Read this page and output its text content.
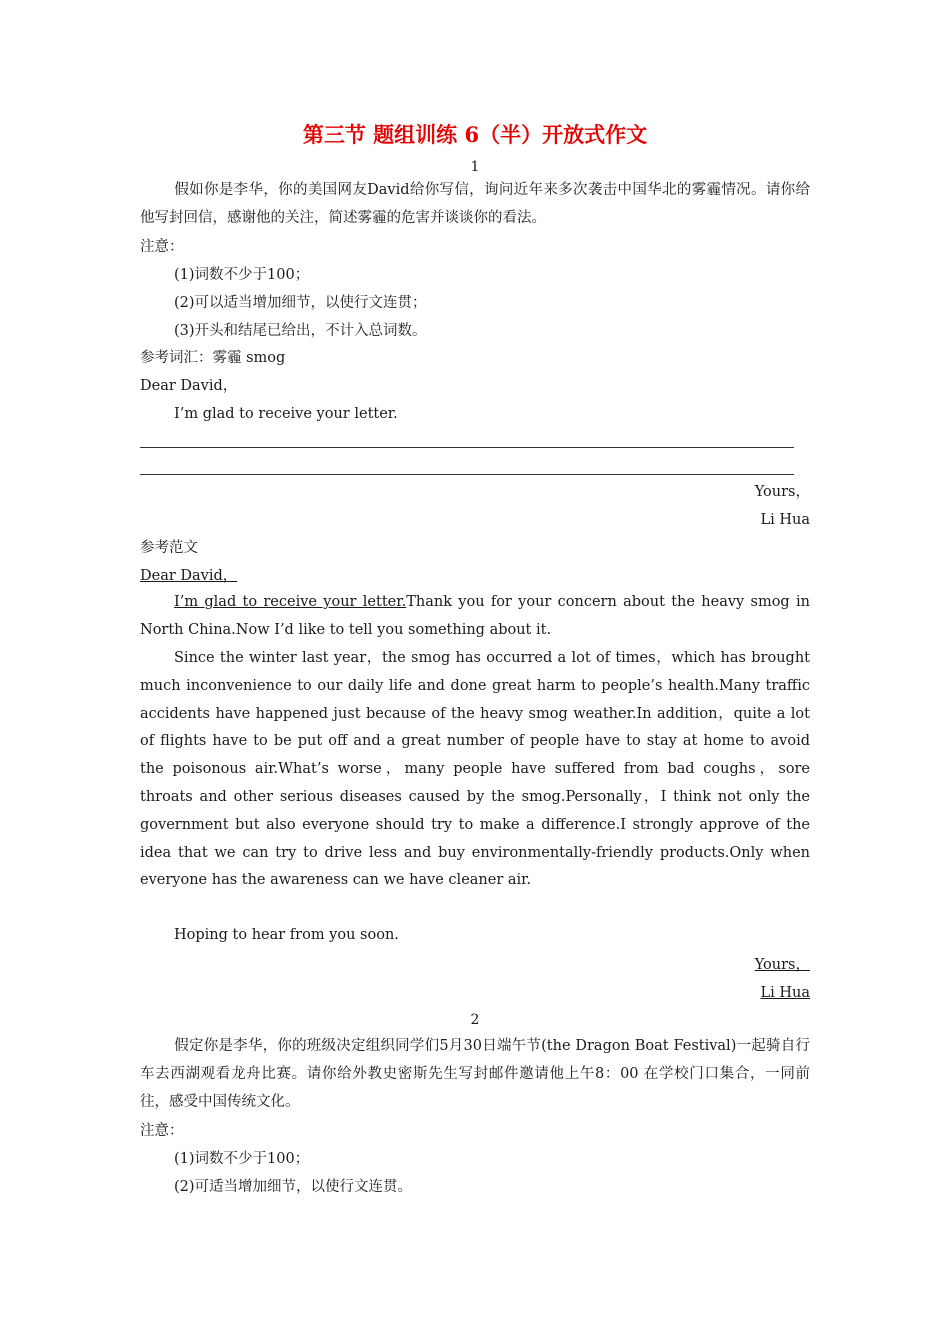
第三节 题组训练 6（半）开放式作文
1
假如你是李华，你的美国网友David给你写信，询问近年来多次袭击中国华北的雾霾情况。请你给他写封回信，感谢他的关注，简述雾霾的危害并谈谈你的看法。
注意：
(1)词数不少于100；
(2)可以适当增加细节，以使行文连贯；
(3)开头和结尾已给出，不计入总词数。
参考词汇：雾霾 smog
Dear David，
I’m glad to receive your letter.
Yours，
Li Hua
参考范文
Dear David，
I’m glad to receive your letter.Thank you for your concern about the heavy smog in North China.Now I’d like to tell you something about it.
Since the winter last year，the smog has occurred a lot of times，which has brought much inconvenience to our daily life and done great harm to people’s health.Many traffic accidents have happened just because of the heavy smog weather.In addition，quite a lot of flights have to be put off and a great number of people have to stay at home to avoid the poisonous air.What’s worse，many people have suffered from bad coughs，sore throats and other serious diseases caused by the smog.Personally，I think not only the government but also everyone should try to make a difference.I strongly approve of the idea that we can try to drive less and buy environmentally-friendly products.Only when everyone has the awareness can we have cleaner air.
Hoping to hear from you soon.
Yours，
Li Hua
2
假定你是李华，你的班级决定组织同学们5月30日端午节(the Dragon Boat Festival)一起骑自行车去西湖观看龙舟比赛。请你给外教史密斯先生写封邮件邀请他上午8：00 在学校门口集合，一同前往，感受中国传统文化。
注意：
(1)词数不少于100；
(2)可适当增加细节，以使行文连贯。
